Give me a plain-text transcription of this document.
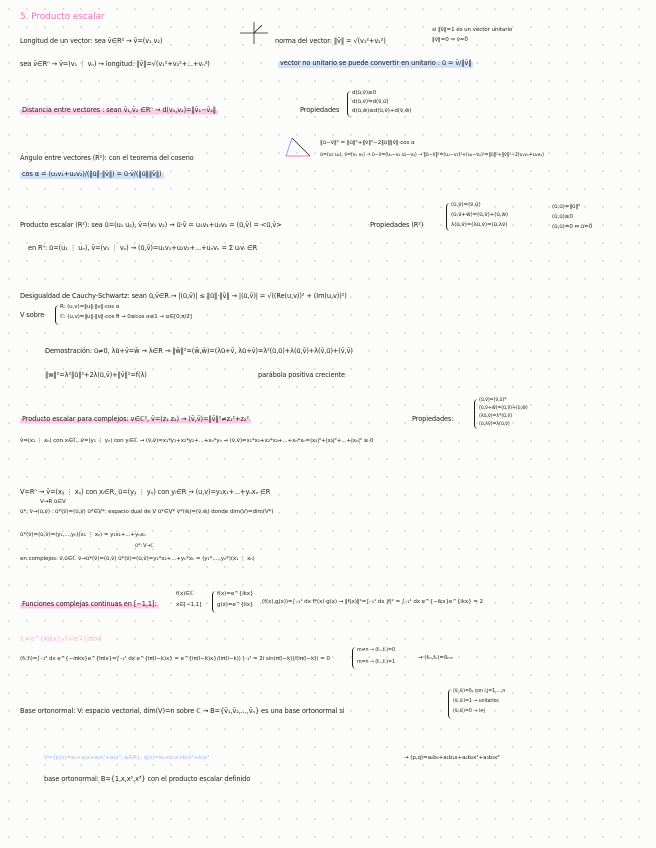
5. Producto escalar
Longitud de un vector: sea v̄∈R² → v̄=(v₁ v₂)	norma del vector: ‖v̄‖ = √(v₁²+v₂²)
si ‖v̄‖=1 es un vector unitario
‖v̄‖=0 ⇒ v̄=0̄
sea v̄∈Rⁿ → v̄=(v₁ ⋮ vₙ) → longitud: ‖v̄‖=√(v₁²+v₂²+...+vₙ²)	vector no unitario se puede convertir en unitario : ū = v̄/‖v̄‖
Distancia entre vectores : sean v̄₁,v̄₂ ∈Rⁿ → d(v₁,v₂)=‖v̄₁−v̄₂‖	Propiedades
d(ū,v̄)≥0
d(ū,v̄)=d(v̄,ū)
d(ū,w̄)≤d(ū,v̄)+d(v̄,w̄)
Ángulo entre vectores (R²): con el teorema del coseno
‖ū−v̄‖² = ‖ū‖²+‖v̄‖²−2‖ū‖‖v̄‖·cos α
ū=(u₁ u₂), v̄=(v₁ v₂) → ū−v̄=(u₁−v₁ u₂−v₂) → ‖ū−v̄‖²=(u₁−v₁)²+(u₂−v₂)²=‖ū‖²+‖v̄‖²−2(u₁v₁+u₂v₂)
cos α = (u₁v₁+u₂v₂)/(‖ū‖·‖v̄‖) = ū·v̄/(‖ū‖‖v̄‖)
Producto escalar (R²): sea ū=(u₁ u₂), v̄=(v₁ v₂) → ū·v̄ = u₁v₁+u₂v₂ = (ū,v̄) = <ū,v̄>	Propiedades (R²)
(ū,v̄)=(v̄,ū)
(ū,v̄+w̄)=(ū,v̄)+(ū,w̄)
λ(ū,v̄)=(λū,v̄)=(ū,λv̄)
(ū,ū)=‖ū‖²
(ū,ū)≥0
(ū,ū)=0 ⇔ ū=0̄
en Rⁿ: ū=(u₁ ⋮ uₙ), v̄=(v₁ ⋮ vₙ) → (ū,v̄)=u₁v₁+u₂v₂+...+uₙvₙ = Σ uᵢvᵢ ∈R
Desigualdad de Cauchy-Schwartz: sean ū,v̄∈R → |(ū,v̄)| ≤ ‖ū‖·‖v̄‖ → |(ū,v̄)| = √((Re(u,v))² + (Im(u,v))²)
V sobre
R: (u,v)=‖u‖·‖v‖·cos α
ℂ: (u,v)=‖u‖·‖v‖·cos θ → 0≤cos α≤1 → α∈[0,π/2]
Demostración: ū≠0, λū+v̄=w̄ → λ∈R → ‖w̄‖²=(w̄,w̄)=(λū+v̄, λū+v̄)=λ²(ū,ū)+λ(ū,v̄)+λ(v̄,ū)+(v̄,v̄)
‖w‖²=λ²‖ū‖²+2λ(ū,v̄)+‖v̄‖²=f(λ)	parábola positiva creciente
Producto escalar para complejos: v∈ℂ², v̄=(z₁ z₂) → (v̄,v̄)=‖v̄‖²≠z₁²+z₂²	Propiedades:
(ū,v̄)=(v̄,ū)*
(ū,v̄+w̄)=(ū,v̄)+(ū,w̄)
(λū,v̄)=λ*(ū,v̄)
(ū,λv̄)=λ(ū,v̄)
v̄=(x₁ ⋮ xₙ) con xᵢ∈ℂ, v̄=(y₁ ⋮ yₙ) con yᵢ∈ℂ → (v̄,v̄)=x₁*y₁+x₂*y₂+...+xₙ*yₙ → (v̄,v̄)=x₁*x₁+x₂*x₂+...+xₙ*xₙ=|x₁|²+|x₂|²+...+|xₙ|² ≥ 0
V=Rⁿ → v̄=(x₁ ⋮ xₙ) con xᵢ∈R, ū=(y₁ ⋮ yₙ) con yᵢ∈R → (u,v)=y₁x₁+...+yₙxₙ ∈R
V→R ū∈V
ū*: v̄→(ū,v̄) : ū*(v̄)=(ū,v̄) ū*∈V*: espacio dual de V ū*∈V* v̄*(w̄)=(v̄,w̄) donde dim(V)=dim(V*)
ū*(v̄)=(ū,v̄)=(y₁,...,yₙ)(x₁ ⋮ xₙ) = y₁x₁+...+yₙxₙ
ū*: V→ℂ
en complejos: v̄,ū∈ℂ v̄→ū*(v̄)=(ū,v̄) ū*(v̄)=(ū,v̄)=y₁*x₁+...+yₙ*xₙ = (y₁*,...,yₙ*)(x₁ ⋮ xₙ)
Funciones complejas continuas en [−1,1]:
f(x)∈ℂ
x∈[−1,1]
f(x)=e^{ikx}
g(x)=e^{ilx} (f(x),g(x))=∫₋₁¹ dx f*(x)·g(x) → ‖f(x)‖²=∫₋₁¹ dx |f|² = ∫₋₁¹ dx e^{−ikx}e^{ikx} = 2
fₖ=e^{iπkx}, fₗ=e^{iπlx}
(fₖ,fₗ)=∫₋₁¹ dx e^{−iπkx}e^{iπlx}=∫₋₁¹ dx e^{iπ(l−k)x} = e^{iπ(l−k)x}/(iπ(l−k)) |₋₁¹ = 2i sin(π(l−k))/(iπ(l−k)) = 0
m≠n → (fₘ,fₙ)=0
m=n → (fₘ,fₙ)=1
→ (fₘ,fₙ)=δₘₙ
Base ortonormal: V: espacio vectorial, dim(V)=n sobre ℂ → B={v̄₁,v̄₂,...,v̄ₙ} es una base ortonormal si
(v̄ᵢ,v̄ⱼ)=δᵢⱼ con i,j=1,...,n
(v̄ᵢ,v̄ᵢ)=1 → unitarios
(v̄ᵢ,v̄ⱼ)=0 → i≠j
V={p(x)=a₀+a₁x+a₂x²+a₃x³, aᵢ∈R}, q(x)=b₀+b₁x+b₂x²+b₃x³	→ (p,q)=a₀b₀+a₁b₁x+a₂b₂x²+a₃b₃x³
base ortonormal: B={1,x,x²,x³} con el producto escalar definido
